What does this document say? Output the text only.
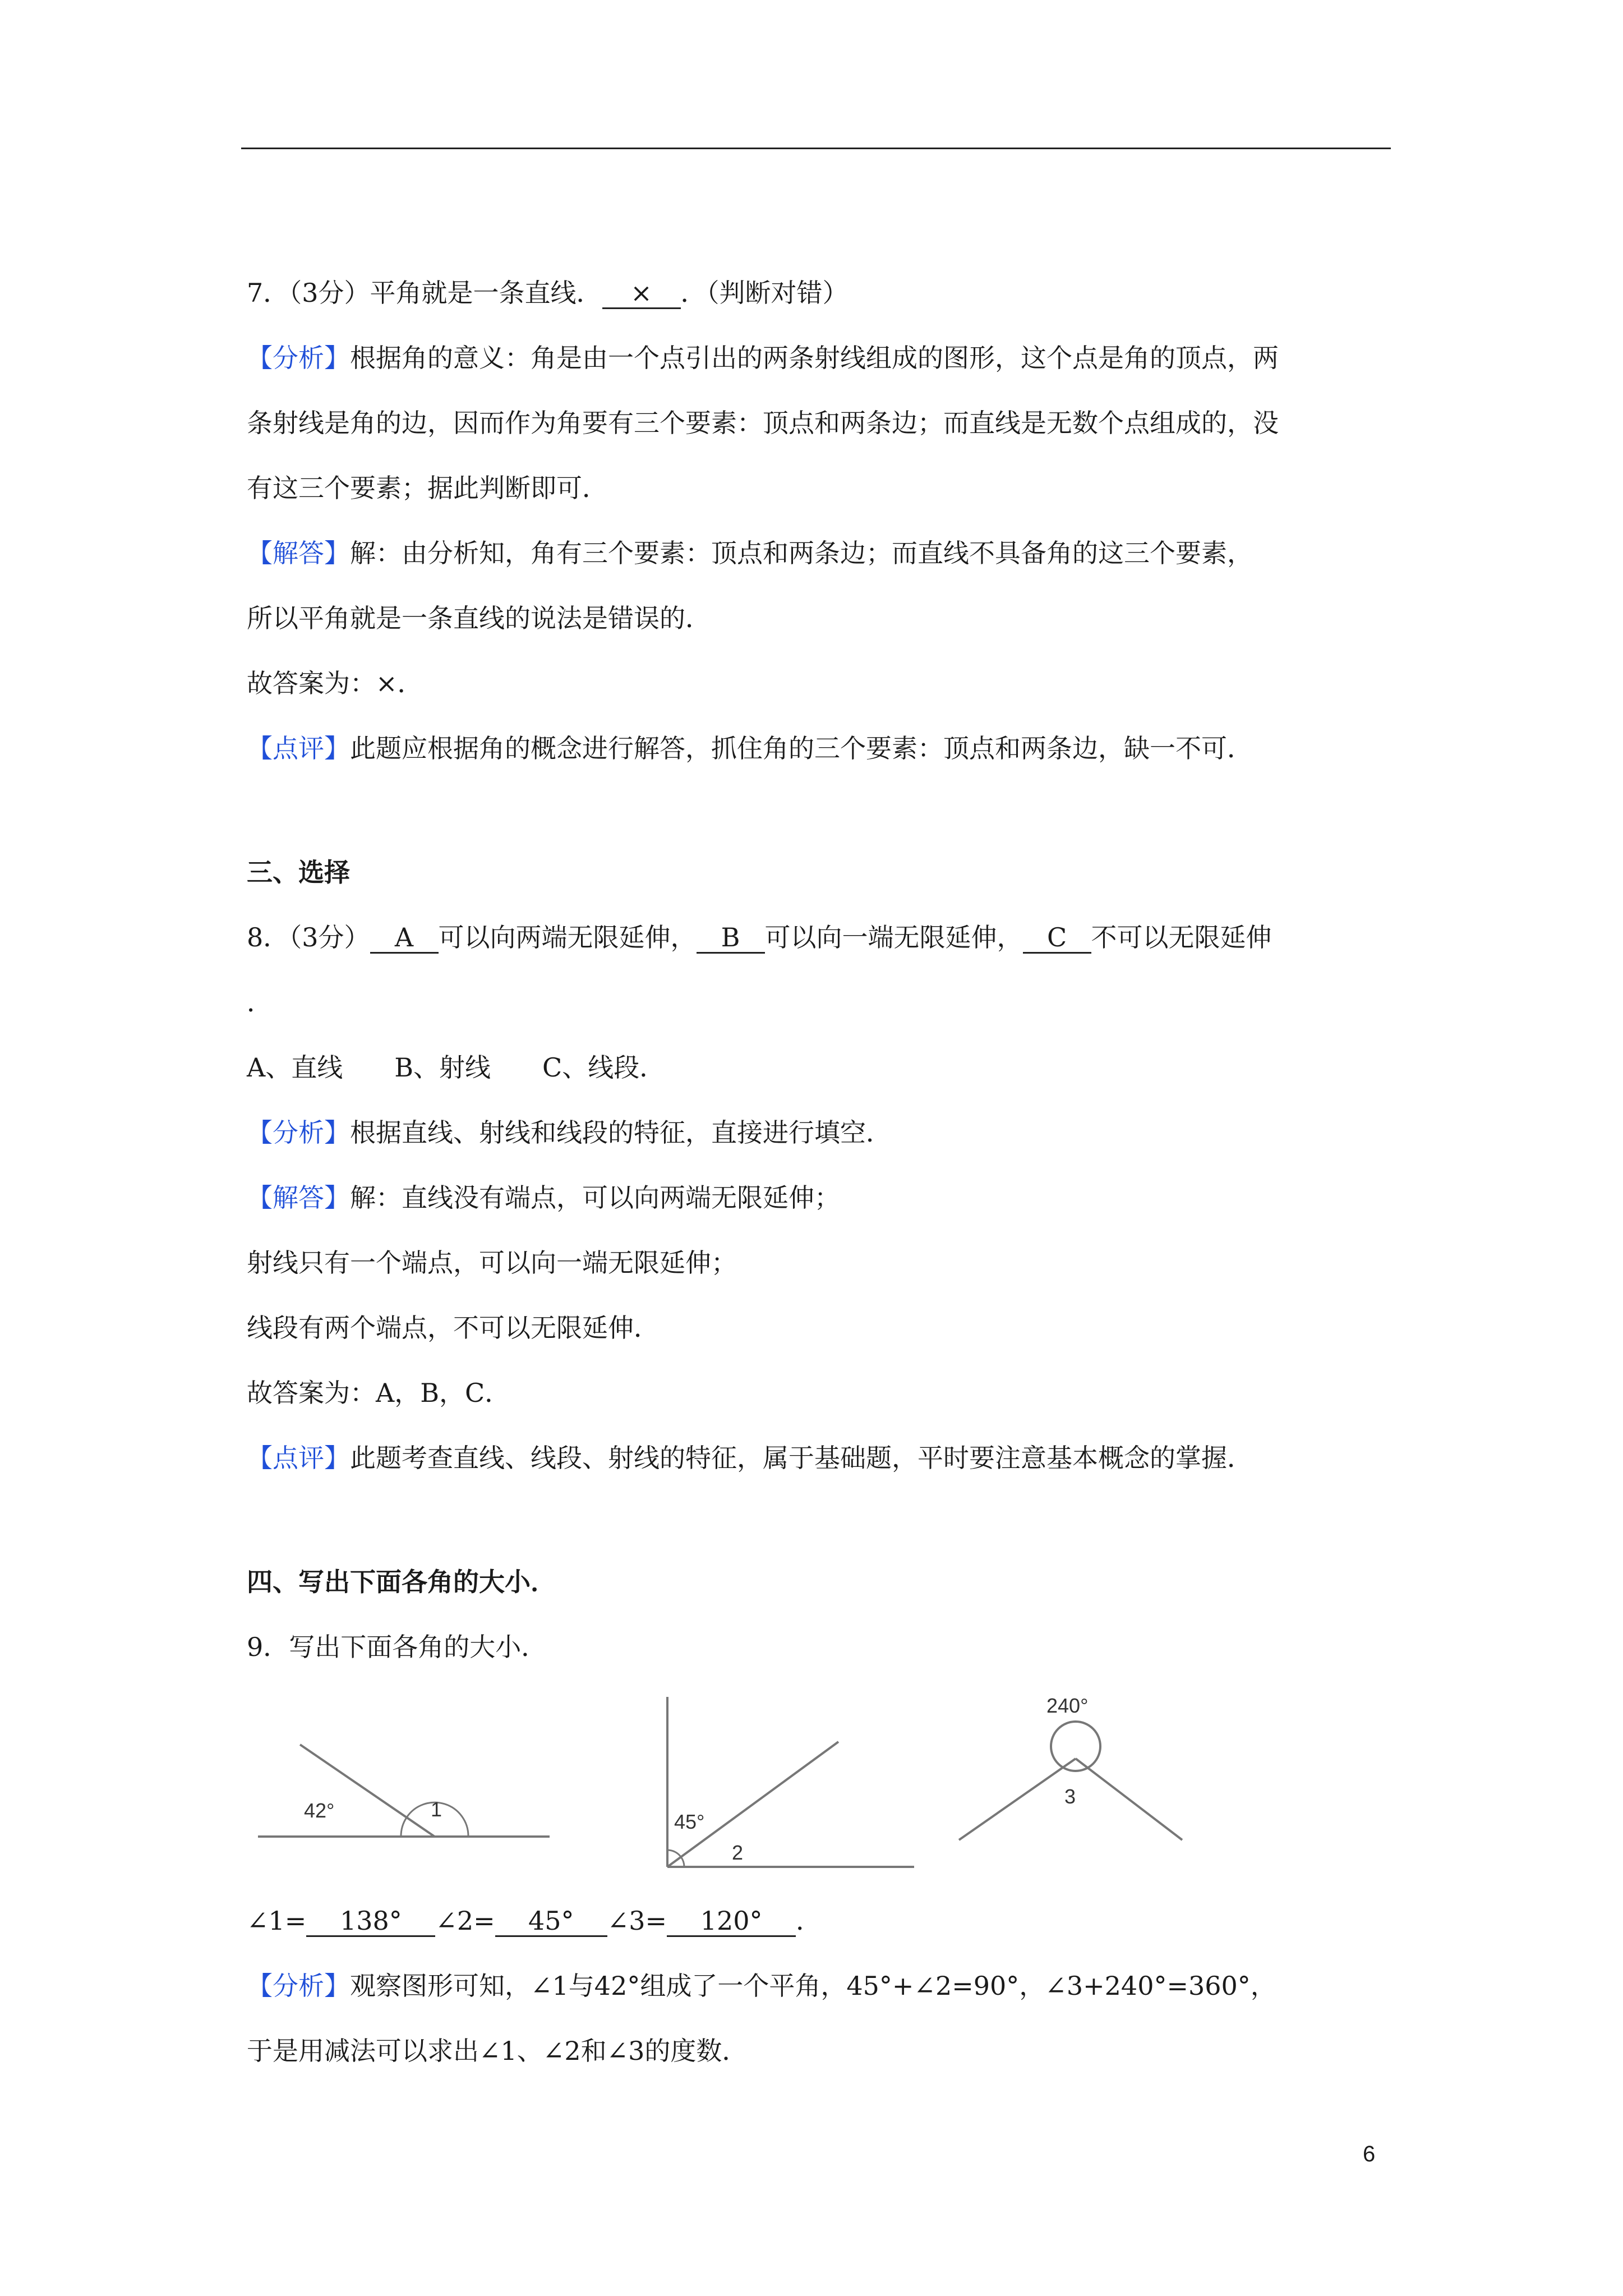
7．（3分）平角就是一条直线． × ．（判断对错）
【分析】根据角的意义：角是由一个点引出的两条射线组成的图形，这个点是角的顶点，两
条射线是角的边，因而作为角要有三个要素：顶点和两条边；而直线是无数个点组成的，没
有这三个要素；据此判断即可．
【解答】解：由分析知，角有三个要素：顶点和两条边；而直线不具备角的这三个要素，
所以平角就是一条直线的说法是错误的．
故答案为：×．
【点评】此题应根据角的概念进行解答，抓住角的三个要素：顶点和两条边，缺一不可．
三、选择
8．（3分） A 可以向两端无限延伸， B 可以向一端无限延伸， C 不可以无限延伸
．
A、直线　　B、射线　　C、线段．
【分析】根据直线、射线和线段的特征，直接进行填空．
【解答】解：直线没有端点，可以向两端无限延伸；
射线只有一个端点，可以向一端无限延伸；
线段有两个端点，不可以无限延伸．
故答案为：A，B，C．
【点评】此题考查直线、线段、射线的特征，属于基础题，平时要注意基本概念的掌握．
四、写出下面各角的大小．
9．写出下面各角的大小．
42°	1
45°
2
240°
3
∠1= 138° ∠2= 45° ∠3= 120° ．
【分析】观察图形可知，∠1与42°组成了一个平角，45°+∠2=90°，∠3+240°=360°，
于是用减法可以求出∠1、∠2和∠3的度数．
6
